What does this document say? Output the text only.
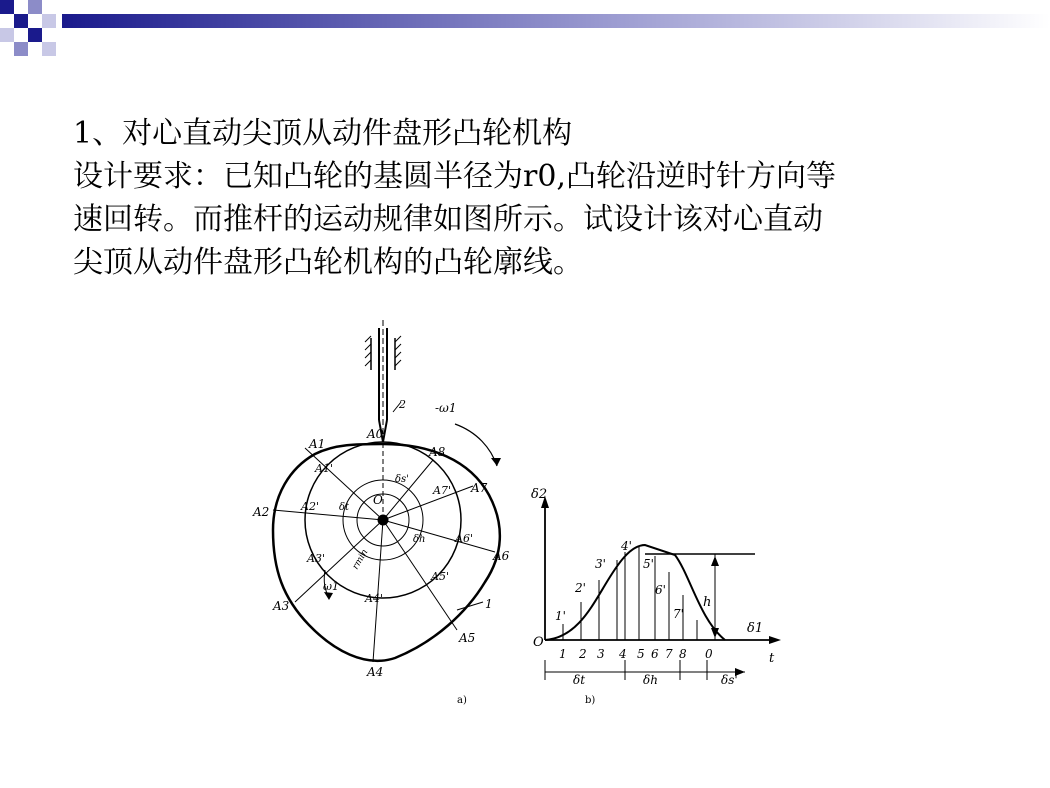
1、对心直动尖顶从动件盘形凸轮机构
设计要求：已知凸轮的基圆半径为r0,凸轮沿逆时针方向等
速回转。而推杆的运动规律如图所示。试设计该对心直动
尖顶从动件盘形凸轮机构的凸轮廓线。
A0
A1
A2
A3
A4
A5
A6
A7
A8
A1'
A2'
A3'
A4'
A5'
A6'
A7'
O
-ω1
ω1
2
1
rmin
δt
δs'
δh
a)
δ2
δ1
t
O
h
1'
2'
3'
4'
5'
6'
7'
1 2 3 4 5 6 7 8 0
δt	δh	δs'
b)
